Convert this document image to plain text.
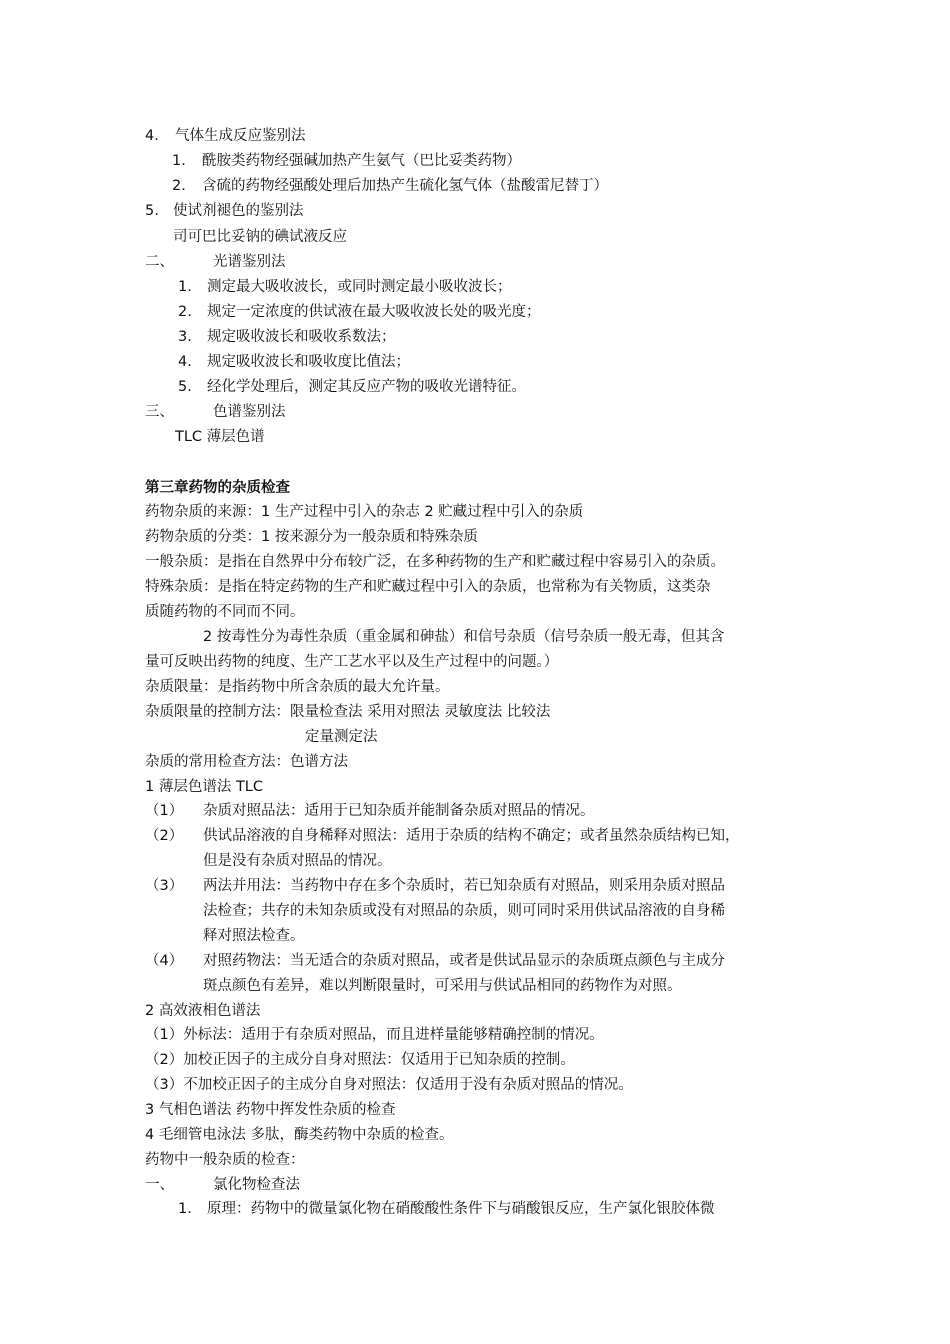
4. 气体生成反应鉴别法
1. 酰胺类药物经强碱加热产生氨气（巴比妥类药物）
2. 含硫的药物经强酸处理后加热产生硫化氢气体（盐酸雷尼替丁）
5. 使试剂褪色的鉴别法
司可巴比妥钠的碘试液反应
二、	光谱鉴别法
1. 测定最大吸收波长，或同时测定最小吸收波长；
2. 规定一定浓度的供试液在最大吸收波长处的吸光度；
3. 规定吸收波长和吸收系数法；
4. 规定吸收波长和吸收度比值法；
5. 经化学处理后，测定其反应产物的吸收光谱特征。
三、	色谱鉴别法
TLC 薄层色谱
第三章药物的杂质检查
药物杂质的来源：1 生产过程中引入的杂志 2 贮藏过程中引入的杂质
药物杂质的分类：1 按来源分为一般杂质和特殊杂质
一般杂质：是指在自然界中分布较广泛，在多种药物的生产和贮藏过程中容易引入的杂质。
特殊杂质：是指在特定药物的生产和贮藏过程中引入的杂质，也常称为有关物质，这类杂
质随药物的不同而不同。
2 按毒性分为毒性杂质（重金属和砷盐）和信号杂质（信号杂质一般无毒，但其含
量可反映出药物的纯度、生产工艺水平以及生产过程中的问题。）
杂质限量：是指药物中所含杂质的最大允许量。
杂质限量的控制方法：限量检查法 采用对照法 灵敏度法 比较法
定量测定法
杂质的常用检查方法：色谱方法
1 薄层色谱法 TLC
（1） 杂质对照品法：适用于已知杂质并能制备杂质对照品的情况。
（2） 供试品溶液的自身稀释对照法：适用于杂质的结构不确定；或者虽然杂质结构已知，
但是没有杂质对照品的情况。
（3） 两法并用法：当药物中存在多个杂质时，若已知杂质有对照品，则采用杂质对照品
法检查；共存的未知杂质或没有对照品的杂质，则可同时采用供试品溶液的自身稀
释对照法检查。
（4） 对照药物法：当无适合的杂质对照品，或者是供试品显示的杂质斑点颜色与主成分
斑点颜色有差异，难以判断限量时，可采用与供试品相同的药物作为对照。
2 高效液相色谱法
（1）外标法：适用于有杂质对照品，而且进样量能够精确控制的情况。
（2）加校正因子的主成分自身对照法：仅适用于已知杂质的控制。
（3）不加校正因子的主成分自身对照法：仅适用于没有杂质对照品的情况。
3 气相色谱法 药物中挥发性杂质的检查
4 毛细管电泳法 多肽，酶类药物中杂质的检查。
药物中一般杂质的检查：
一、	氯化物检查法
1. 原理：药物中的微量氯化物在硝酸酸性条件下与硝酸银反应，生产氯化银胶体微
